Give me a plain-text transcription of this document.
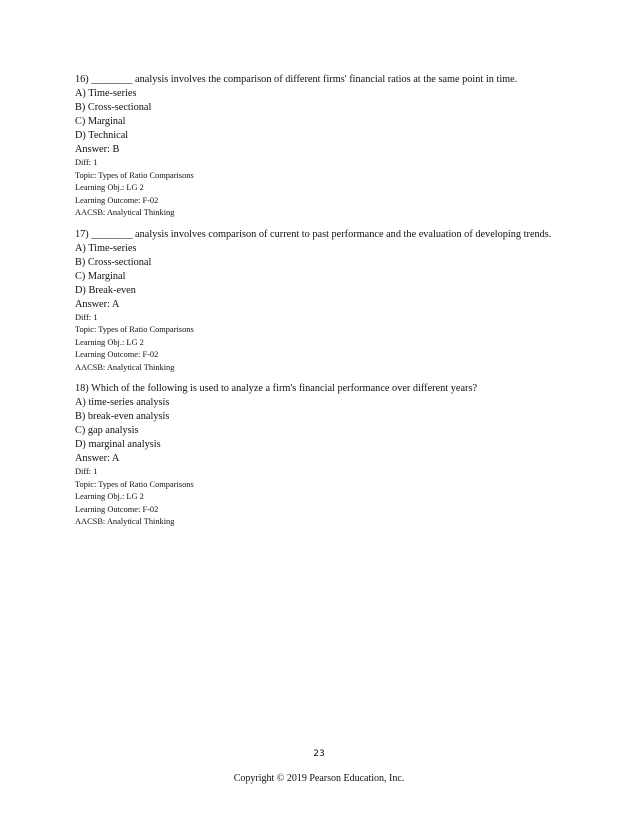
16) ________ analysis involves the comparison of different firms' financial ratios at the same point in time.
A) Time-series
B) Cross-sectional
C) Marginal
D) Technical
Answer: B
Diff: 1
Topic: Types of Ratio Comparisons
Learning Obj.: LG 2
Learning Outcome: F-02
AACSB: Analytical Thinking
17) ________ analysis involves comparison of current to past performance and the evaluation of developing trends.
A) Time-series
B) Cross-sectional
C) Marginal
D) Break-even
Answer: A
Diff: 1
Topic: Types of Ratio Comparisons
Learning Obj.: LG 2
Learning Outcome: F-02
AACSB: Analytical Thinking
18) Which of the following is used to analyze a firm's financial performance over different years?
A) time-series analysis
B) break-even analysis
C) gap analysis
D) marginal analysis
Answer: A
Diff: 1
Topic: Types of Ratio Comparisons
Learning Obj.: LG 2
Learning Outcome: F-02
AACSB: Analytical Thinking
23
Copyright © 2019 Pearson Education, Inc.
